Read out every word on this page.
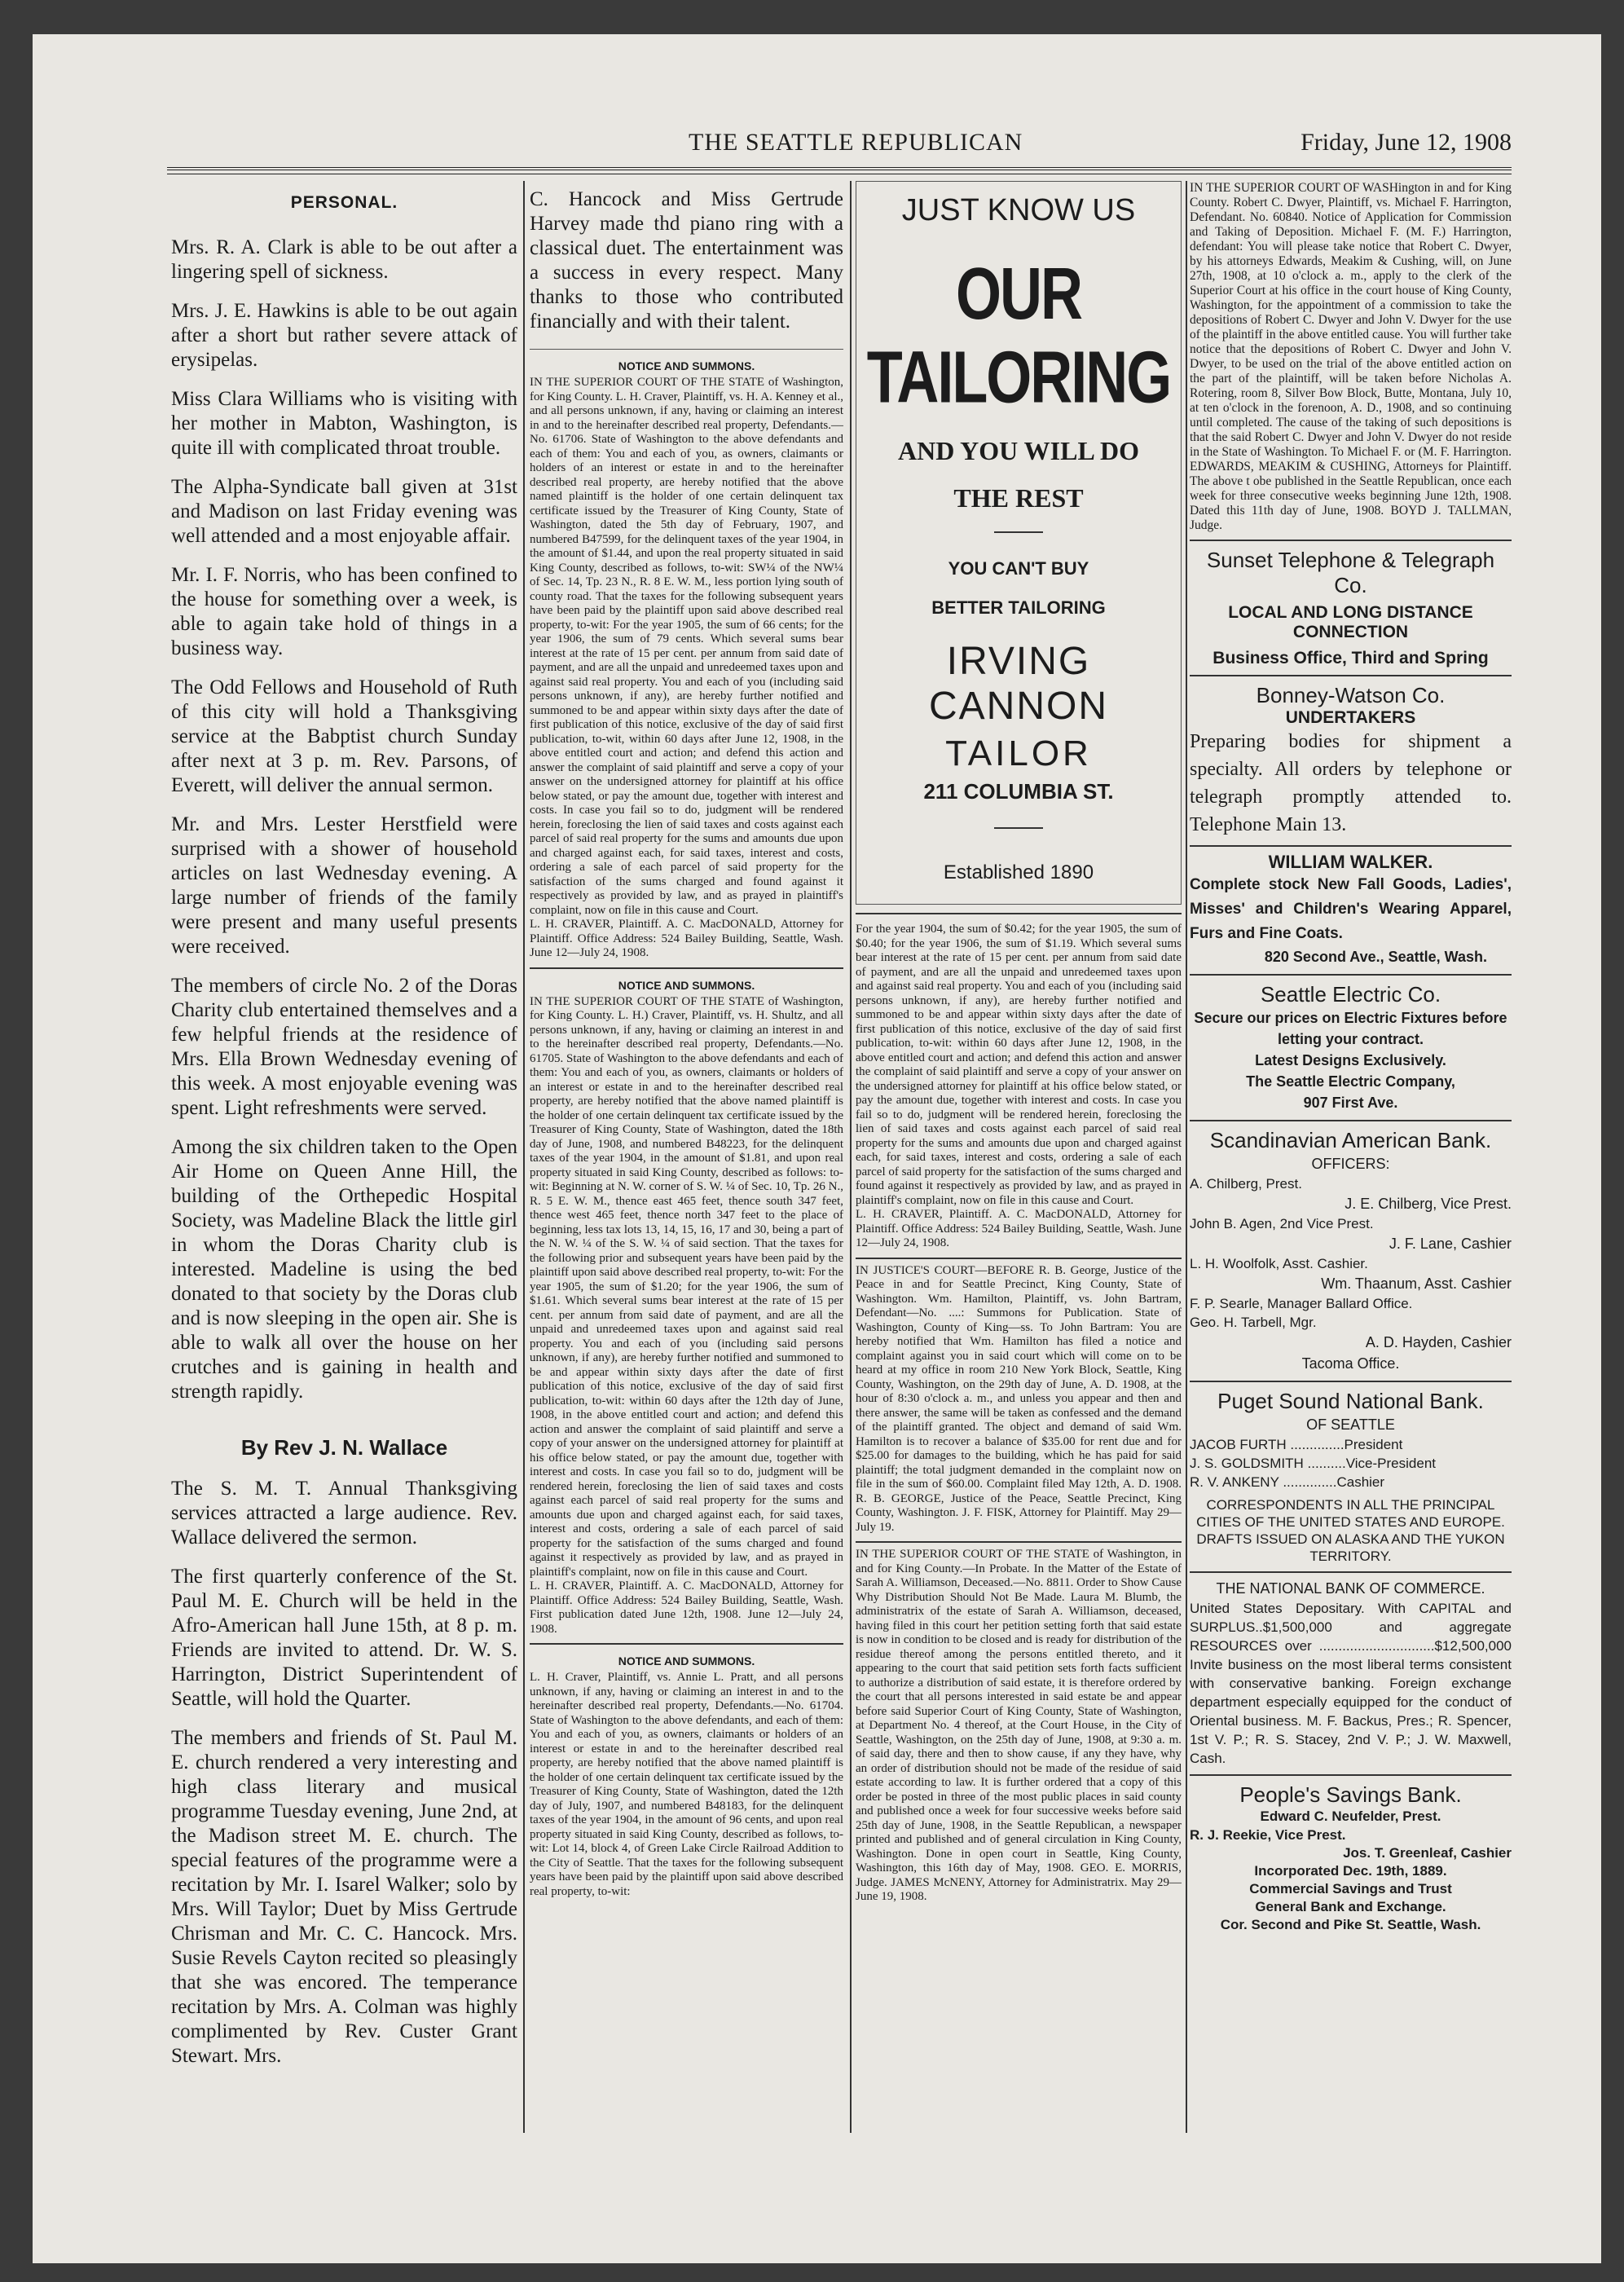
THE SEATTLE REPUBLICAN	Friday, June 12, 1908
PERSONAL.

Mrs. R. A. Clark is able to be out after a lingering spell of sickness.

Mrs. J. E. Hawkins is able to be out again after a short but rather severe attack of erysipelas.

Miss Clara Williams who is visiting with her mother in Mabton, Washington, is quite ill with complicated throat trouble.

The Alpha-Syndicate ball given at 31st and Madison on last Friday evening was well attended and a most enjoyable affair.

Mr. I. F. Norris, who has been confined to the house for something over a week, is able to again take hold of things in a business way.

The Odd Fellows and Household of Ruth of this city will hold a Thanksgiving service at the Babptist church Sunday after next at 3 p. m. Rev. Parsons, of Everett, will deliver the annual sermon.

Mr. and Mrs. Lester Herstfield were surprised with a shower of household articles on last Wednesday evening. A large number of friends of the family were present and many useful presents were received.

The members of circle No. 2 of the Doras Charity club entertained themselves and a few helpful friends at the residence of Mrs. Ella Brown Wednesday evening of this week. A most enjoyable evening was spent. Light refreshments were served.

Among the six children taken to the Open Air Home on Queen Anne Hill, the building of the Orthepedic Hospital Society, was Madeline Black the little girl in whom the Doras Charity club is interested. Madeline is using the bed donated to that society by the Doras club and is now sleeping in the open air. She is able to walk all over the house on her crutches and is gaining in health and strength rapidly.

By Rev J. N. Wallace

The S. M. T. Annual Thanksgiving services attracted a large audience. Rev. Wallace delivered the sermon.

The first quarterly conference of the St. Paul M. E. Church will be held in the Afro-American hall June 15th, at 8 p. m. Friends are invited to attend. Dr. W. S. Harrington, District Superintendent of Seattle, will hold the Quarter.

The members and friends of St. Paul M. E. church rendered a very interesting and high class literary and musical programme Tuesday evening, June 2nd, at the Madison street M. E. church. The special features of the programme were a recitation by Mr. I. Isarel Walker; solo by Mrs. Will Taylor; Duet by Miss Gertrude Chrisman and Mr. C. C. Hancock. Mrs. Susie Revels Cayton recited so pleasingly that she was encored. The temperance recitation by Mrs. A. Colman was highly complimented by Rev. Custer Grant Stewart. Mrs.

C. Hancock and Miss Gertrude Harvey made thd piano ring with a classical duet. The entertainment was a success in every respect. Many thanks to those who contributed financially and with their talent.

NOTICE AND SUMMONS.

IN THE SUPERIOR COURT OF THE STATE of Washington, for King County. L. H. Craver, Plaintiff, vs. H. A. Kenney et al., and all persons unknown, if any, having or claiming an interest in and to the hereinafter described real property, Defendants.—No. 61706. State of Washington to the above defendants and each of them: You and each of you, as owners, claimants or holders of an interest or estate in and to the hereinafter described real property, are hereby notified that the above named plaintiff is the holder of one certain delinquent tax certificate issued by the Treasurer of King County, State of Washington, dated the 5th day of February, 1907, and numbered B47599, for the delinquent taxes of the year 1904, in the amount of $1.44, and upon the real property situated in said King County, described as follows, to-wit: SW¼ of the NW¼ of Sec. 14, Tp. 23 N., R. 8 E. W. M., less portion lying south of county road. That the taxes for the following subsequent years have been paid by the plaintiff upon said above described real property, to-wit: For the year 1905, the sum of 66 cents; for the year 1906, the sum of 79 cents. Which several sums bear interest at the rate of 15 per cent. per annum from said date of payment, and are all the unpaid and unredeemed taxes upon and against said real property. You and each of you (including said persons unknown, if any), are hereby further notified and summoned to be and appear within sixty days after the date of first publication of this notice, exclusive of the day of said first publication, to-wit, within 60 days after June 12, 1908, in the above entitled court and action; and defend this action and answer the complaint of said plaintiff and serve a copy of your answer on the undersigned attorney for plaintiff at his office below stated, or pay the amount due, together with interest and costs. In case you fail so to do, judgment will be rendered herein, foreclosing the lien of said taxes and costs against each parcel of said real property for the sums and amounts due upon and charged against each, for said taxes, interest and costs, ordering a sale of each parcel of said property for the satisfaction of the sums charged and found against it respectively as provided by law, and as prayed in plaintiff's complaint, now on file in this cause and Court.

L. H. CRAVER, Plaintiff. A. C. MacDONALD, Attorney for Plaintiff. Office Address: 524 Bailey Building, Seattle, Wash. June 12—July 24, 1908.

NOTICE AND SUMMONS.

IN THE SUPERIOR COURT OF THE STATE of Washington, for King County. L. H.) Craver, Plaintiff, vs. H. Shultz, and all persons unknown, if any, having or claiming an interest in and to the hereinafter described real property, Defendants.—No. 61705. State of Washington to the above defendants and each of them: You and each of you, as owners, claimants or holders of an interest or estate in and to the hereinafter described real property, are hereby notified that the above named plaintiff is the holder of one certain delinquent tax certificate issued by the Treasurer of King County, State of Washington, dated the 18th day of June, 1908, and numbered B48223, for the delinquent taxes of the year 1904, in the amount of $1.81, and upon real property situated in said King County, described as follows: to-wit: Beginning at N. W. corner of S. W. ¼ of Sec. 10, Tp. 26 N., R. 5 E. W. M., thence east 465 feet, thence south 347 feet, thence west 465 feet, thence north 347 feet to the place of beginning, less tax lots 13, 14, 15, 16, 17 and 30, being a part of the N. W. ¼ of the S. W. ¼ of said section. That the taxes for the following prior and subsequent years have been paid by the plaintiff upon said above described real property, to-wit: For the year 1905, the sum of $1.20; for the year 1906, the sum of $1.61. Which several sums bear interest at the rate of 15 per cent. per annum from said date of payment, and are all the unpaid and unredeemed taxes upon and against said real property. You and each of you (including said persons unknown, if any), are hereby further notified and summoned to be and appear within sixty days after the date of first publication of this notice, exclusive of the day of said first publication, to-wit: within 60 days after the 12th day of June, 1908, in the above entitled court and action; and defend this action and answer the complaint of said plaintiff and serve a copy of your answer on the undersigned attorney for plaintiff at his office below stated, or pay the amount due, together with interest and costs. In case you fail so to do, judgment will be rendered herein, foreclosing the lien of said taxes and costs against each parcel of said real property for the sums and amounts due upon and charged against each, for said taxes, interest and costs, ordering a sale of each parcel of said property for the satisfaction of the sums charged and found against it respectively as provided by law, and as prayed in plaintiff's complaint, now on file in this cause and Court.

L. H. CRAVER, Plaintiff. A. C. MacDONALD, Attorney for Plaintiff. Office Address: 524 Bailey Building, Seattle, Wash. First publication dated June 12th, 1908. June 12—July 24, 1908.

NOTICE AND SUMMONS.

L. H. Craver, Plaintiff, vs. Annie L. Pratt, and all persons unknown, if any, having or claiming an interest in and to the hereinafter described real property, Defendants.—No. 61704. State of Washington to the above defendants, and each of them: You and each of you, as owners, claimants or holders of an interest or estate in and to the hereinafter described real property, are hereby notified that the above named plaintiff is the holder of one certain delinquent tax certificate issued by the Treasurer of King County, State of Washington, dated the 12th day of July, 1907, and numbered B48183, for the delinquent taxes of the year 1904, in the amount of 96 cents, and upon real property situated in said King County, described as follows, to-wit: Lot 14, block 4, of Green Lake Circle Railroad Addition to the City of Seattle. That the taxes for the following subsequent years have been paid by the plaintiff upon said above described real property, to-wit:

JUST KNOW US
OUR TAILORING
AND YOU WILL DO
THE REST
YOU CAN'T BUY
BETTER TAILORING
IRVING CANNON
TAILOR
211 COLUMBIA ST.
Established 1890

For the year 1904, the sum of $0.42; for the year 1905, the sum of $0.40; for the year 1906, the sum of $1.19. Which several sums bear interest at the rate of 15 per cent. per annum from said date of payment, and are all the unpaid and unredeemed taxes upon and against said real property. You and each of you (including said persons unknown, if any), are hereby further notified and summoned to be and appear within sixty days after the date of first publication of this notice, exclusive of the day of said first publication, to-wit: within 60 days after June 12, 1908, in the above entitled court and action; and defend this action and answer the complaint of said plaintiff and serve a copy of your answer on the undersigned attorney for plaintiff at his office below stated, or pay the amount due, together with interest and costs. In case you fail so to do, judgment will be rendered herein, foreclosing the lien of said taxes and costs against each parcel of said real property for the sums and amounts due upon and charged against each, for said taxes, interest and costs, ordering a sale of each parcel of said property for the satisfaction of the sums charged and found against it respectively as provided by law, and as prayed in plaintiff's complaint, now on file in this cause and Court.

L. H. CRAVER, Plaintiff. A. C. MacDONALD, Attorney for Plaintiff. Office Address: 524 Bailey Building, Seattle, Wash. June 12—July 24, 1908.

IN JUSTICE'S COURT—BEFORE R. B. George, Justice of the Peace in and for Seattle Precinct, King County, State of Washington. Wm. Hamilton, Plaintiff, vs. John Bartram, Defendant—No. ....: Summons for Publication. State of Washington, County of King—ss. To John Bartram: You are hereby notified that Wm. Hamilton has filed a notice and complaint against you in said court which will come on to be heard at my office in room 210 New York Block, Seattle, King County, Washington, on the 29th day of June, A. D. 1908, at the hour of 8:30 o'clock a. m., and unless you appear and then and there answer, the same will be taken as confessed and the demand of the plaintiff granted. The object and demand of said Wm. Hamilton is to recover a balance of $35.00 for rent due and for $25.00 for damages to the building, which he has paid for said plaintiff; the total judgment demanded in the complaint now on file in the sum of $60.00. Complaint filed May 12th, A. D. 1908. R. B. GEORGE, Justice of the Peace, Seattle Precinct, King County, Washington. J. F. FISK, Attorney for Plaintiff. May 29—July 19.

IN THE SUPERIOR COURT OF THE STATE of Washington, in and for King County.—In Probate. In the Matter of the Estate of Sarah A. Williamson, Deceased.—No. 8811. Order to Show Cause Why Distribution Should Not Be Made. Laura M. Blumb, the administratrix of the estate of Sarah A. Williamson, deceased, having filed in this court her petition setting forth that said estate is now in condition to be closed and is ready for distribution of the residue thereof among the persons entitled thereto, and it appearing to the court that said petition sets forth facts sufficient to authorize a distribution of said estate, it is therefore ordered by the court that all persons interested in said estate be and appear before said Superior Court of King County, State of Washington, at Department No. 4 thereof, at the Court House, in the City of Seattle, Washington, on the 25th day of June, 1908, at 9:30 a. m. of said day, there and then to show cause, if any they have, why an order of distribution should not be made of the residue of said estate according to law. It is further ordered that a copy of this order be posted in three of the most public places in said county and published once a week for four successive weeks before said 25th day of June, 1908, in the Seattle Republican, a newspaper printed and published and of general circulation in King County, Washington. Done in open court in Seattle, King County, Washington, this 16th day of May, 1908. GEO. E. MORRIS, Judge. JAMES McNENY, Attorney for Administratrix. May 29—June 19, 1908.

IN THE SUPERIOR COURT OF WASHington in and for King County. Robert C. Dwyer, Plaintiff, vs. Michael F. Harrington, Defendant. No. 60840. Notice of Application for Commission and Taking of Deposition. Michael F. (M. F.) Harrington, defendant: You will please take notice that Robert C. Dwyer, by his attorneys Edwards, Meakim & Cushing, will, on June 27th, 1908, at 10 o'clock a. m., apply to the clerk of the Superior Court at his office in the court house of King County, Washington, for the appointment of a commission to take the depositions of Robert C. Dwyer and John V. Dwyer for the use of the plaintiff in the above entitled cause. You will further take notice that the depositions of Robert C. Dwyer and John V. Dwyer, to be used on the trial of the above entitled action on the part of the plaintiff, will be taken before Nicholas A. Rotering, room 8, Silver Bow Block, Butte, Montana, July 10, at ten o'clock in the forenoon, A. D., 1908, and so continuing until completed. The cause of the taking of such depositions is that the said Robert C. Dwyer and John V. Dwyer do not reside in the State of Washington. To Michael F. or (M. F. Harrington. EDWARDS, MEAKIM & CUSHING, Attorneys for Plaintiff. The above t obe published in the Seattle Republican, once each week for three consecutive weeks beginning June 12th, 1908. Dated this 11th day of June, 1908. BOYD J. TALLMAN, Judge.

Sunset Telephone & Telegraph Co.
LOCAL AND LONG DISTANCE CONNECTION
Business Office, Third and Spring
Bonney-Watson Co.
UNDERTAKERS
Preparing bodies for shipment a specialty. All orders by telephone or telegraph promptly attended to. Telephone Main 13.
WILLIAM WALKER.
Complete stock New Fall Goods, Ladies', Misses' and Children's Wearing Apparel, Furs and Fine Coats.
820 Second Ave., Seattle, Wash.
Seattle Electric Co.
Secure our prices on Electric Fixtures before letting your contract.
Latest Designs Exclusively.
The Seattle Electric Company,
907 First Ave.
Scandinavian American Bank.
OFFICERS:
A. Chilberg, Prest.
J. E. Chilberg, Vice Prest.
John B. Agen, 2nd Vice Prest.
J. F. Lane, Cashier
L. H. Woolfolk, Asst. Cashier.
Wm. Thaanum, Asst. Cashier
F. P. Searle, Manager Ballard Office.
Geo. H. Tarbell, Mgr.
A. D. Hayden, Cashier
Tacoma Office.
Puget Sound National Bank.
OF SEATTLE
JACOB FURTH ..............President
J. S. GOLDSMITH ..........Vice-President
R. V. ANKENY ..............Cashier
CORRESPONDENTS IN ALL THE PRINCIPAL CITIES OF THE UNITED STATES AND EUROPE. DRAFTS ISSUED ON ALASKA AND THE YUKON TERRITORY.
THE NATIONAL BANK OF COMMERCE.
United States Depositary. With CAPITAL and SURPLUS..$1,500,000 and aggregate RESOURCES over ..............................$12,500,000 Invite business on the most liberal terms consistent with conservative banking. Foreign exchange department especially equipped for the conduct of Oriental business. M. F. Backus, Pres.; R. Spencer, 1st V. P.; R. S. Stacey, 2nd V. P.; J. W. Maxwell, Cash.
People's Savings Bank.
Edward C. Neufelder, Prest.
R. J. Reekie, Vice Prest.
Jos. T. Greenleaf, Cashier
Incorporated Dec. 19th, 1889.
Commercial Savings and Trust
General Bank and Exchange.
Cor. Second and Pike St. Seattle, Wash.
